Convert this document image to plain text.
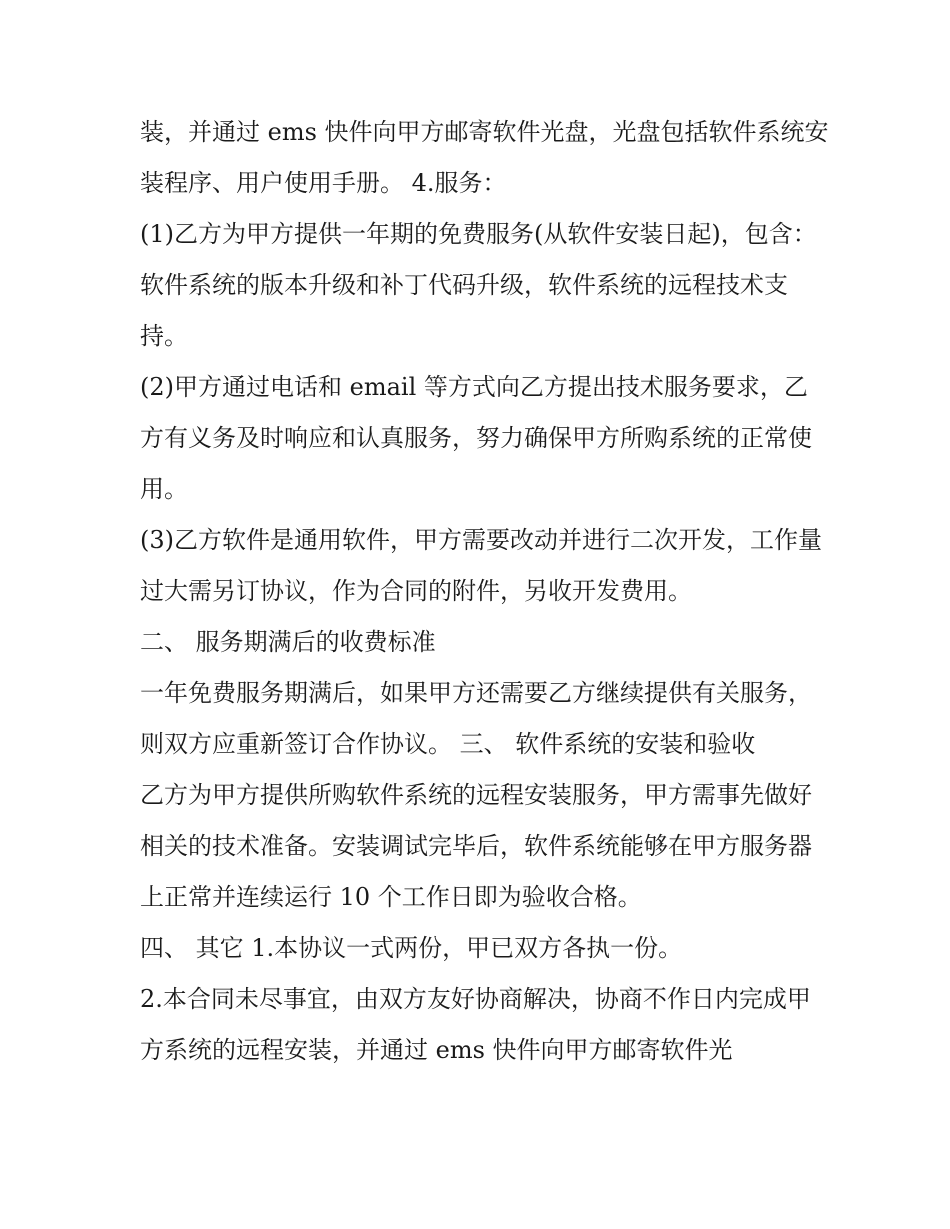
装，并通过 ems 快件向甲方邮寄软件光盘，光盘包括软件系统安装程序、用户使用手册。 4.服务：

(1)乙方为甲方提供一年期的免费服务(从软件安装日起)，包含：软件系统的版本升级和补丁代码升级，软件系统的远程技术支持。

(2)甲方通过电话和 email 等方式向乙方提出技术服务要求，乙方有义务及时响应和认真服务，努力确保甲方所购系统的正常使用。

(3)乙方软件是通用软件，甲方需要改动并进行二次开发，工作量过大需另订协议，作为合同的附件，另收开发费用。

二、 服务期满后的收费标准

一年免费服务期满后，如果甲方还需要乙方继续提供有关服务，则双方应重新签订合作协议。 三、 软件系统的安装和验收

乙方为甲方提供所购软件系统的远程安装服务，甲方需事先做好相关的技术准备。安装调试完毕后，软件系统能够在甲方服务器上正常并连续运行 10 个工作日即为验收合格。

四、 其它 1.本协议一式两份，甲已双方各执一份。

2.本合同未尽事宜，由双方友好协商解决，协商不作日内完成甲方系统的远程安装，并通过 ems 快件向甲方邮寄软件光
